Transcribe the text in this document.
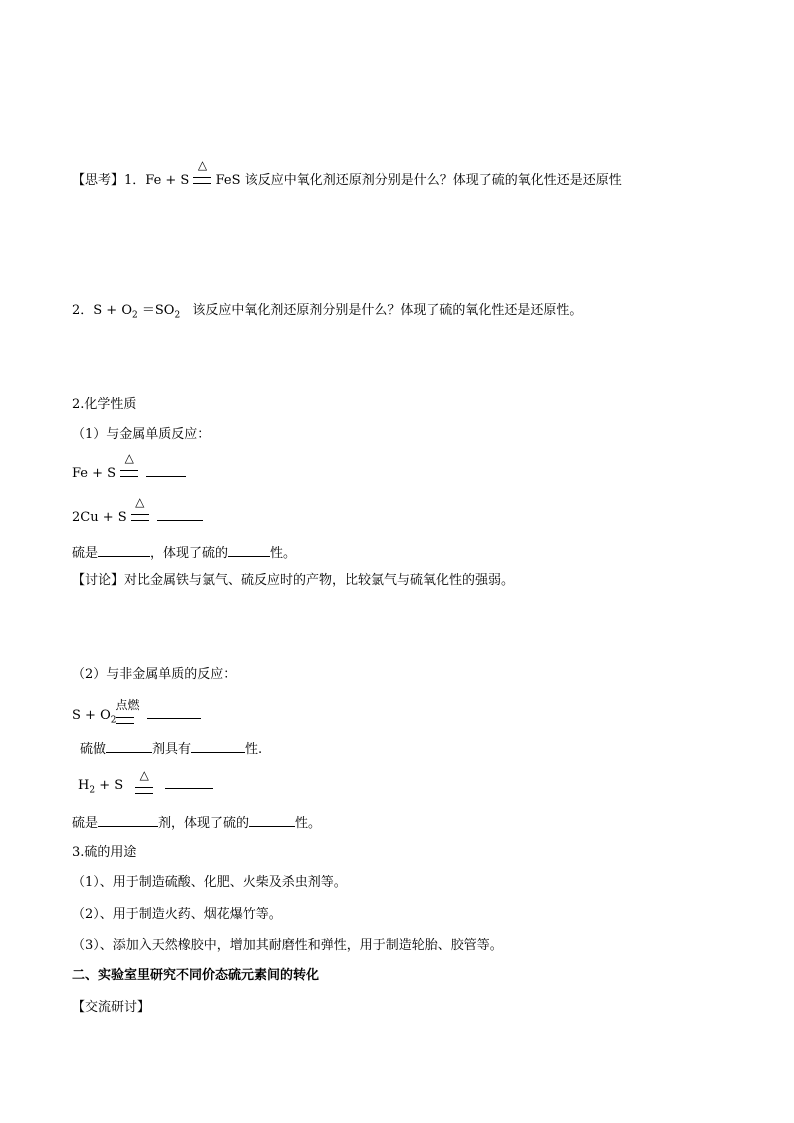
【思考】1．Fe + S
△
FeS 该反应中氧化剂还原剂分别是什么？体现了硫的氧化性还是还原性
2．$S + O_2 =SO_2$ 该反应中氧化剂还原剂分别是什么？体现了硫的氧化性还是还原性。
2.化学性质
（1）与金属单质反应：
Fe + S
△

2Cu + S
△

硫是	，体现了硫的	性。
【讨论】对比金属铁与氯气、硫反应时的产物，比较氯气与硫氧化性的强弱。
（2）与非金属单质的反应：
$S + O_2$
点燃

硫做	剂具有	性.
$H_2 + S$
△

硫是	剂，体现了硫的	性。
3.硫的用途
（1）、用于制造硫酸、化肥、火柴及杀虫剂等。
（2）、用于制造火药、烟花爆竹等。
（3）、添加入天然橡胶中，增加其耐磨性和弹性，用于制造轮胎、胶管等。
二、实验室里研究不同价态硫元素间的转化
【交流研讨】
